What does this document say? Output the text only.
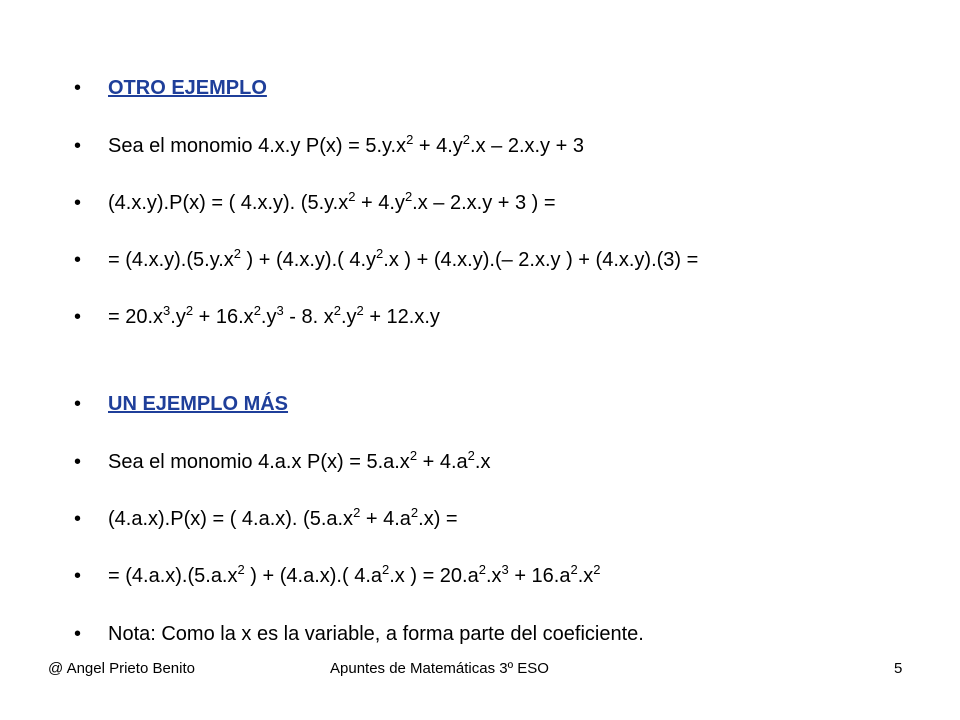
•	OTRO EJEMPLO
•	Sea el monomio 4.x.y $P(x) = 5.y.x^2 + 4.y^2.x - 2.x.y + 3$
•	(4.x.y).P(x) = ( 4.x.y). ($5.y.x^2 + 4.y^2.x - 2.x.y + 3$ ) =
•	= $(4.x.y).(5.y.x^2$ ) + (4.x.y).( $4.y^2.x$ ) + (4.x.y).(– 2.x.y ) + (4.x.y).(3) =
•	= $20.x^3.y^2 + 16.x^2.y^3 - 8$. $x^2.y^2 + 12.x.y$
•	UN EJEMPLO MÁS
•	Sea el monomio 4.a.x $P(x) = 5.a.x^2 + 4.a^2.x$
•	(4.a.x).P(x) = ( 4.a.x). $(5.a.x^2 + 4.a^2.x)$ =
•	= $(4.a.x).(5.a.x^2$ ) + (4.a.x).( $4.a^2.x$ ) = $20.a^2.x^3 + 16.a^2.x^2$
•	Nota: Como la x es la variable, a forma parte del coeficiente.
@ Angel Prieto Benito	Apuntes de Matemáticas 3º ESO	5
